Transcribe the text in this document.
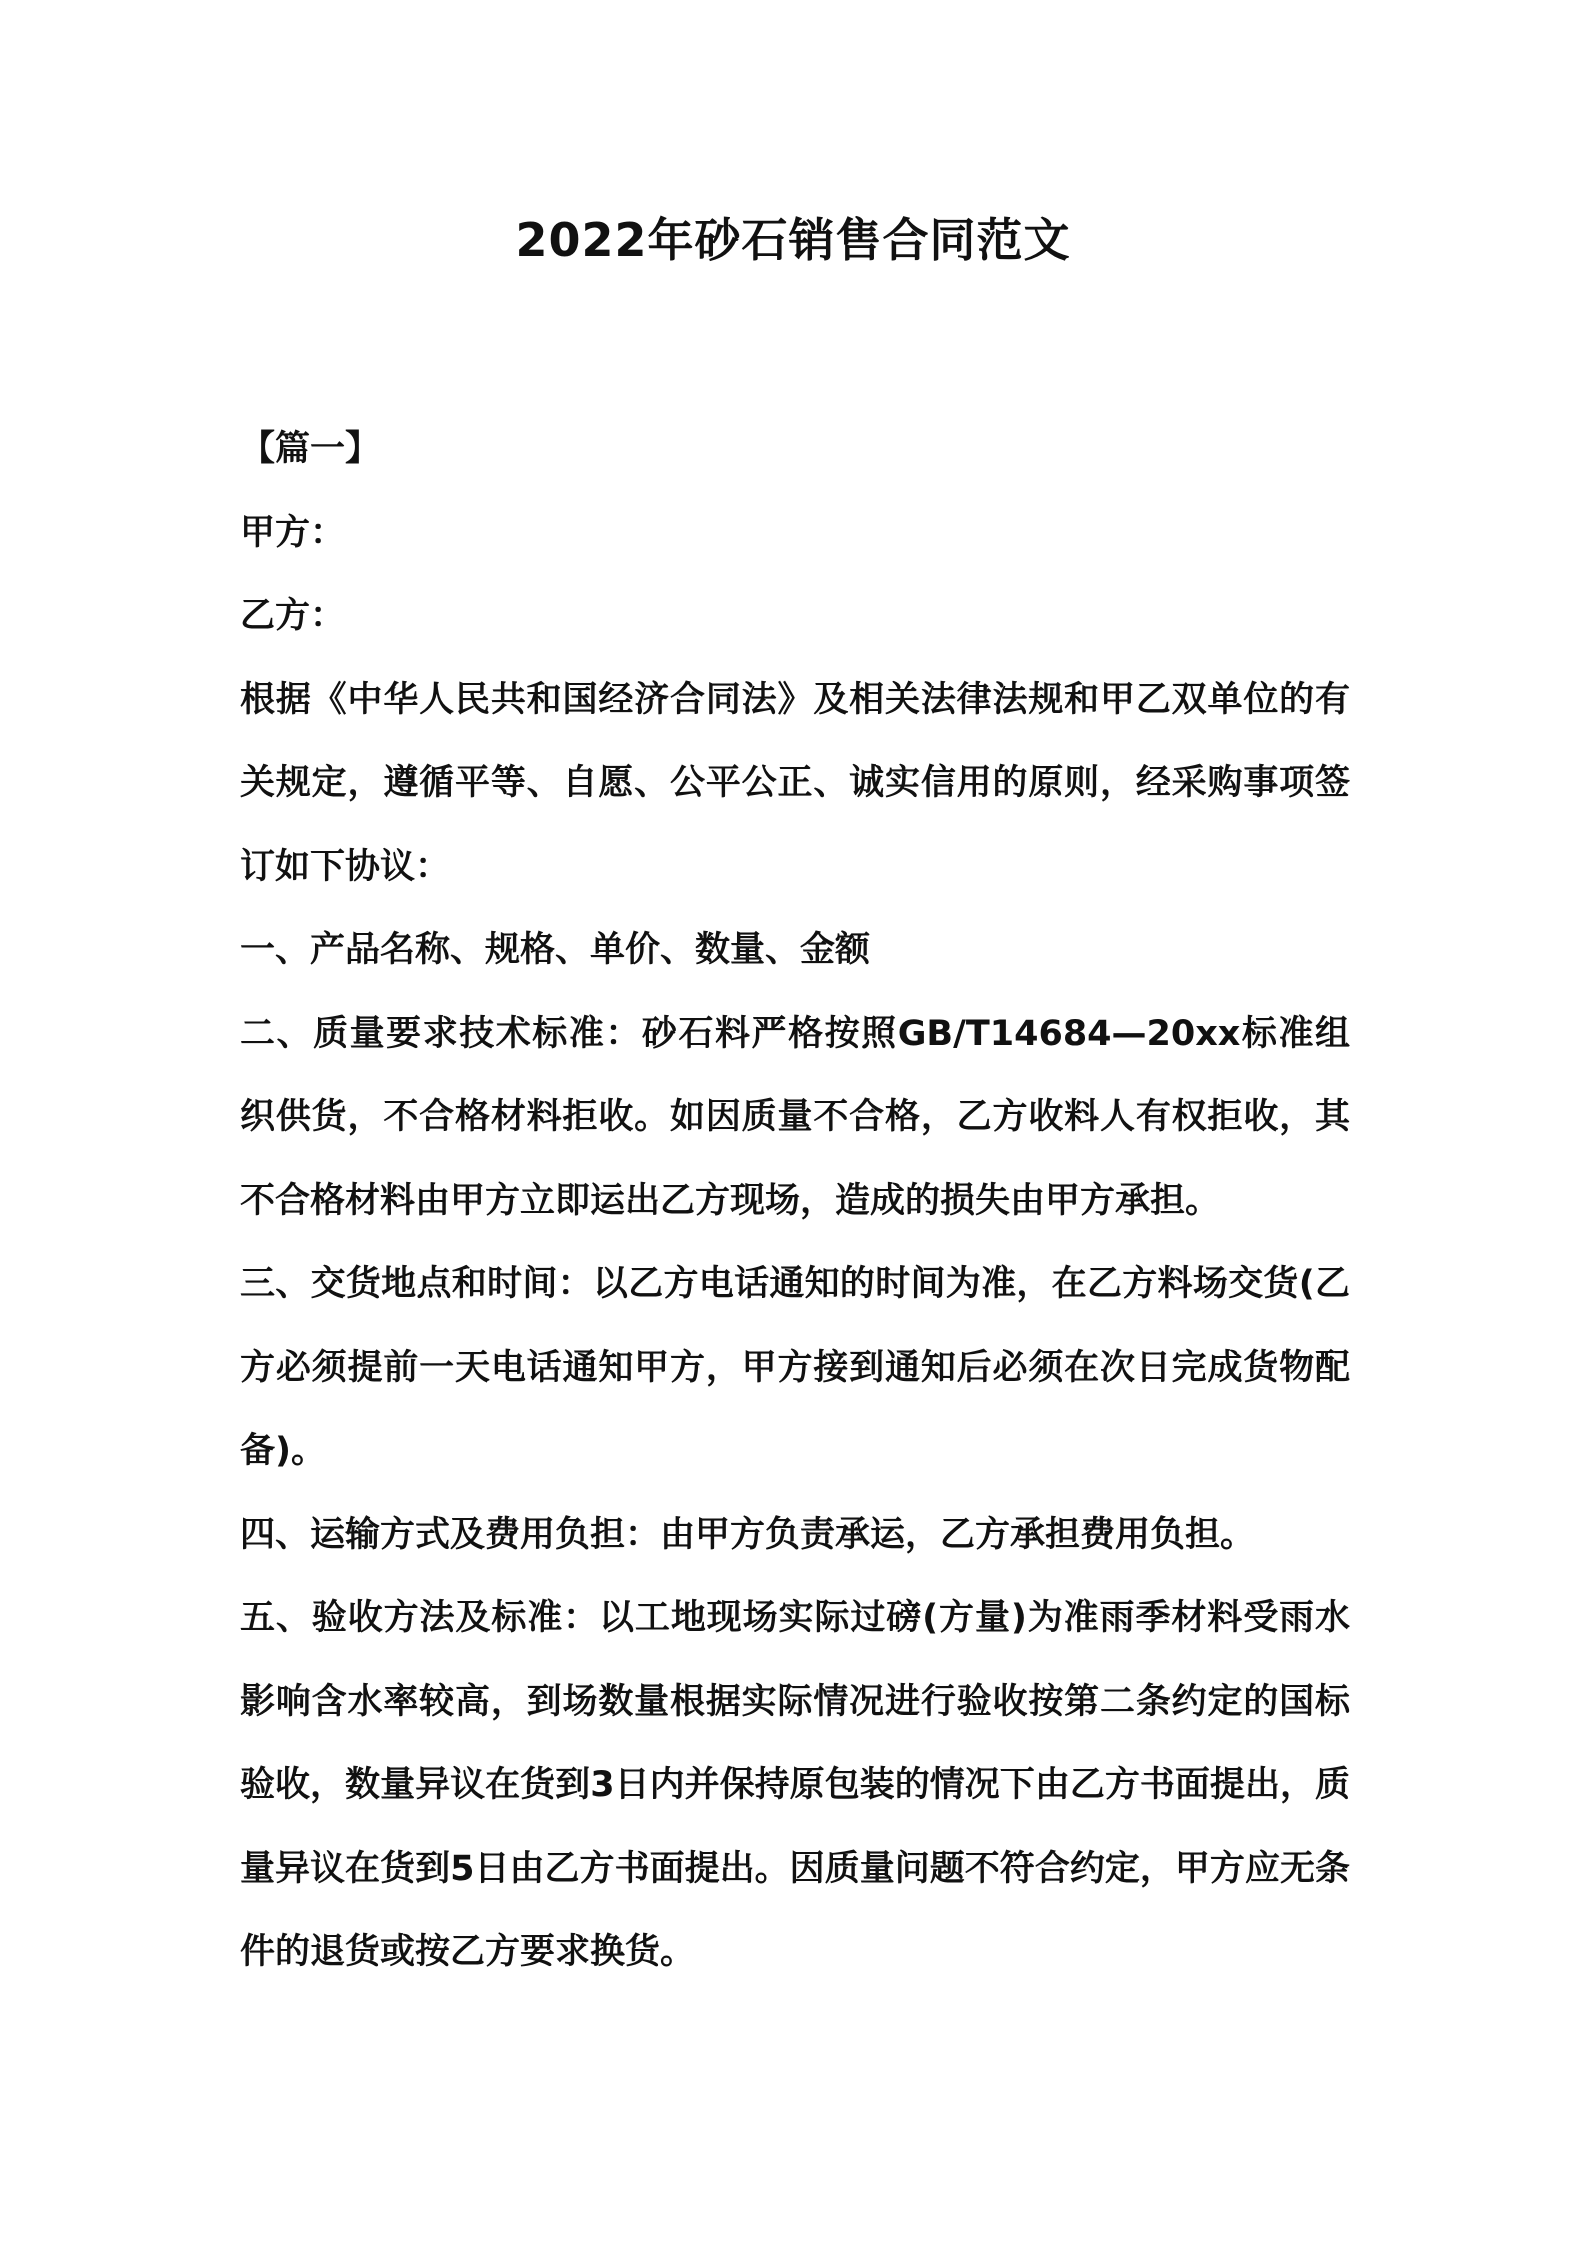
2022年砂石销售合同范文

【篇一】

甲方：

乙方：

根据《中华人民共和国经济合同法》及相关法律法规和甲乙双单位的有关规定，遵循平等、自愿、公平公正、诚实信用的原则，经采购事项签订如下协议：

一、产品名称、规格、单价、数量、金额

二、质量要求技术标准：砂石料严格按照GB/T14684—20xx标准组织供货，不合格材料拒收。如因质量不合格，乙方收料人有权拒收，其不合格材料由甲方立即运出乙方现场，造成的损失由甲方承担。

三、交货地点和时间：以乙方电话通知的时间为准，在乙方料场交货(乙方必须提前一天电话通知甲方，甲方接到通知后必须在次日完成货物配备)。

四、运输方式及费用负担：由甲方负责承运，乙方承担费用负担。

五、验收方法及标准：以工地现场实际过磅(方量)为准雨季材料受雨水影响含水率较高，到场数量根据实际情况进行验收按第二条约定的国标验收，数量异议在货到3日内并保持原包装的情况下由乙方书面提出，质量异议在货到5日由乙方书面提出。因质量问题不符合约定，甲方应无条件的退货或按乙方要求换货。
